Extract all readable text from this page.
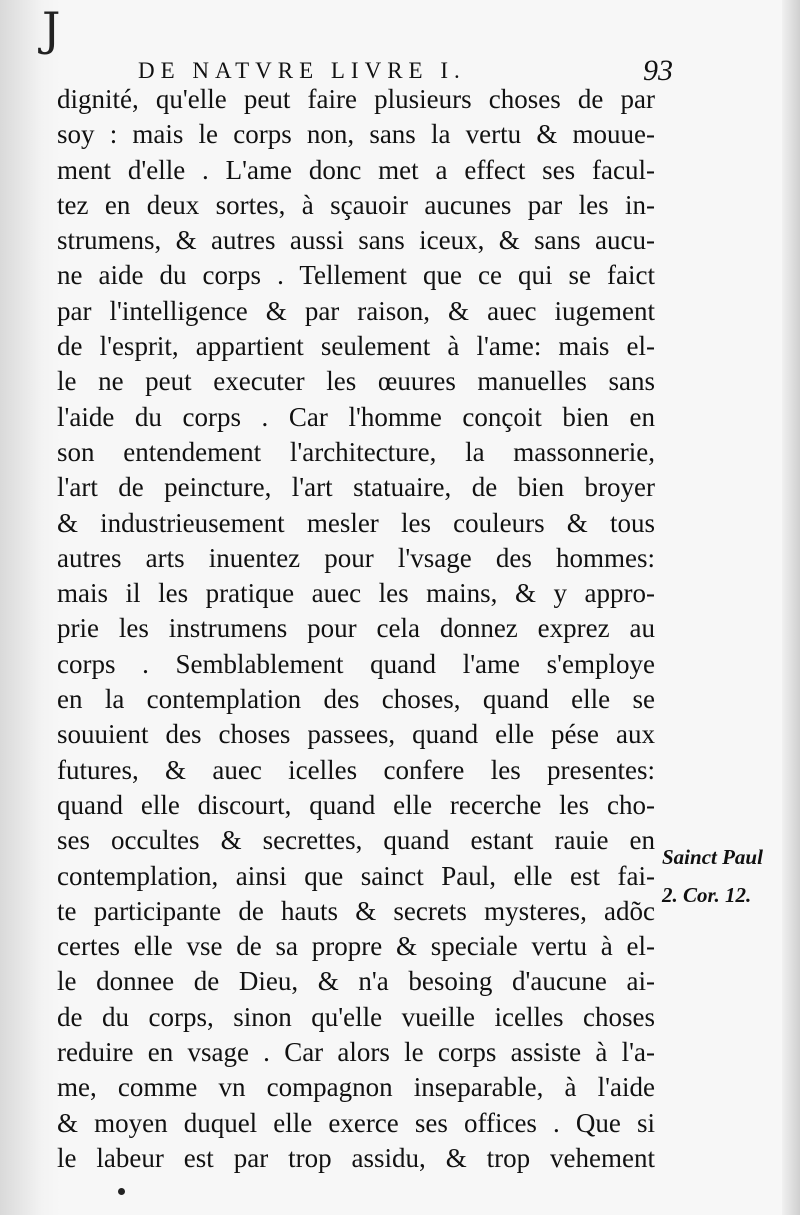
J
DE NATVRE LIVRE I.	93
dignité, qu'elle peut faire plusieurs choses de par
soy : mais le corps non, sans la vertu & mouue-
ment d'elle . L'ame donc met a effect ses facul-
tez en deux sortes, à sçauoir aucunes par les in-
strumens, & autres aussi sans iceux, & sans aucu-
ne aide du corps . Tellement que ce qui se faict
par l'intelligence & par raison, & auec iugement
de l'esprit, appartient seulement à l'ame: mais el-
le ne peut executer les œuures manuelles sans
l'aide du corps . Car l'homme conçoit bien en
son entendement l'architecture, la massonnerie,
l'art de peincture, l'art statuaire, de bien broyer
& industrieusement mesler les couleurs & tous
autres arts inuentez pour l'vsage des hommes:
mais il les pratique auec les mains, & y appro-
prie les instrumens pour cela donnez exprez au
corps . Semblablement quand l'ame s'employe
en la contemplation des choses, quand elle se
souuient des choses passees, quand elle pése aux
futures, & auec icelles confere les presentes:
quand elle discourt, quand elle recerche les cho-
ses occultes & secrettes, quand estant rauie en
contemplation, ainsi que sainct Paul, elle est fai-
te participante de hauts & secrets mysteres, adõc
certes elle vse de sa propre & speciale vertu à el-
le donnee de Dieu, & n'a besoing d'aucune ai-
de du corps, sinon qu'elle vueille icelles choses
reduire en vsage . Car alors le corps assiste à l'a-
me, comme vn compagnon inseparable, à l'aide
& moyen duquel elle exerce ses offices . Que si
le labeur est par trop assidu, & trop vehement
Sainct Paul
2. Cor. 12.
